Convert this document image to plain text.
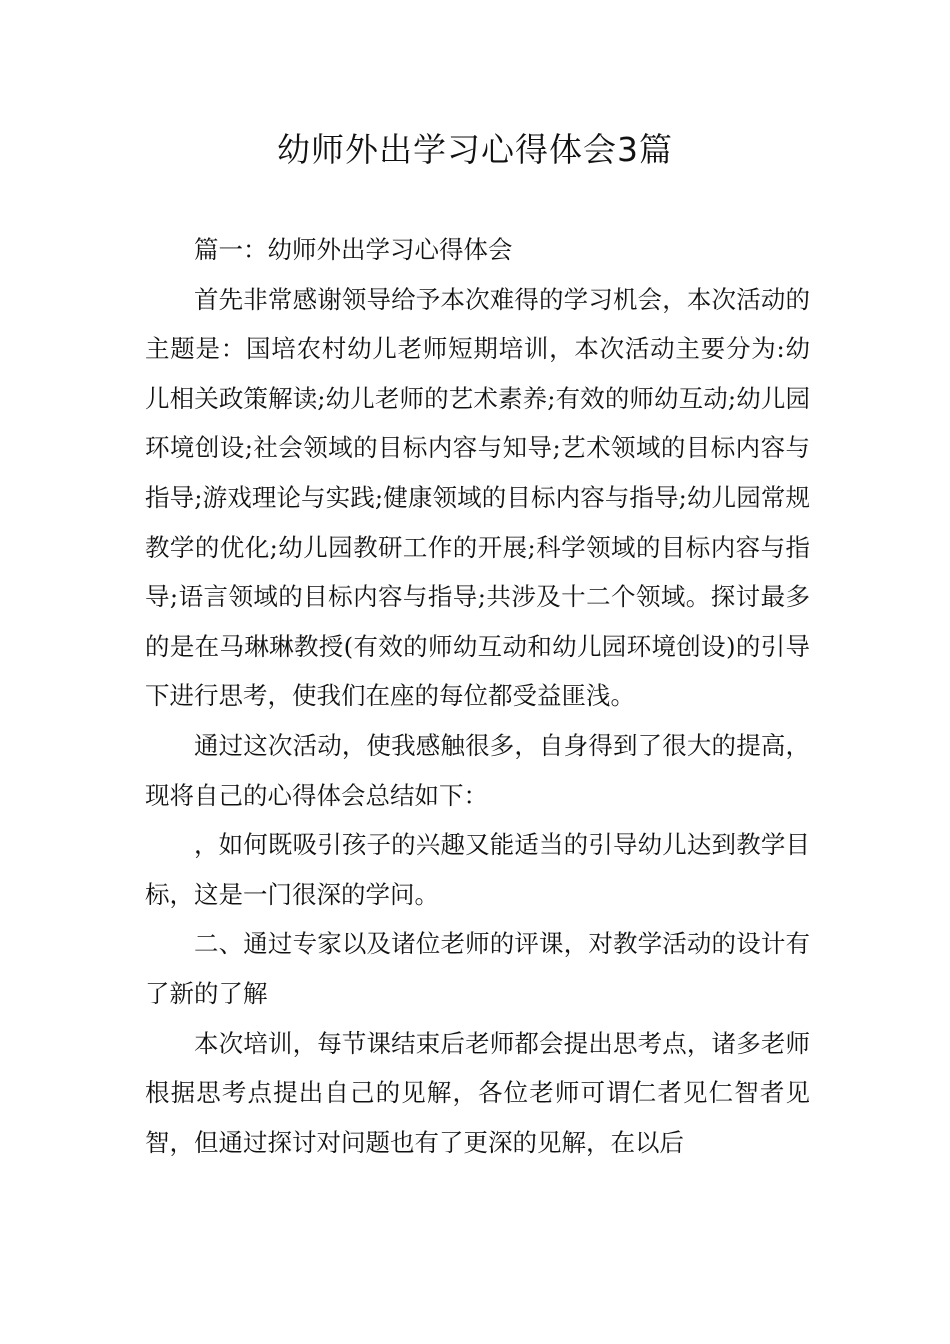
幼师外出学习心得体会3篇

篇一：幼师外出学习心得体会

首先非常感谢领导给予本次难得的学习机会，本次活动的主题是：国培农村幼儿老师短期培训，本次活动主要分为:幼儿相关政策解读;幼儿老师的艺术素养;有效的师幼互动;幼儿园环境创设;社会领域的目标内容与知导;艺术领域的目标内容与指导;游戏理论与实践;健康领域的目标内容与指导;幼儿园常规教学的优化;幼儿园教研工作的开展;科学领域的目标内容与指导;语言领域的目标内容与指导;共涉及十二个领域。探讨最多的是在马琳琳教授(有效的师幼互动和幼儿园环境创设)的引导下进行思考，使我们在座的每位都受益匪浅。

通过这次活动，使我感触很多，自身得到了很大的提高，现将自己的心得体会总结如下：

，如何既吸引孩子的兴趣又能适当的引导幼儿达到教学目标，这是一门很深的学问。

二、通过专家以及诸位老师的评课，对教学活动的设计有了新的了解

本次培训，每节课结束后老师都会提出思考点，诸多老师根据思考点提出自己的见解，各位老师可谓仁者见仁智者见智，但通过探讨对问题也有了更深的见解，在以后
